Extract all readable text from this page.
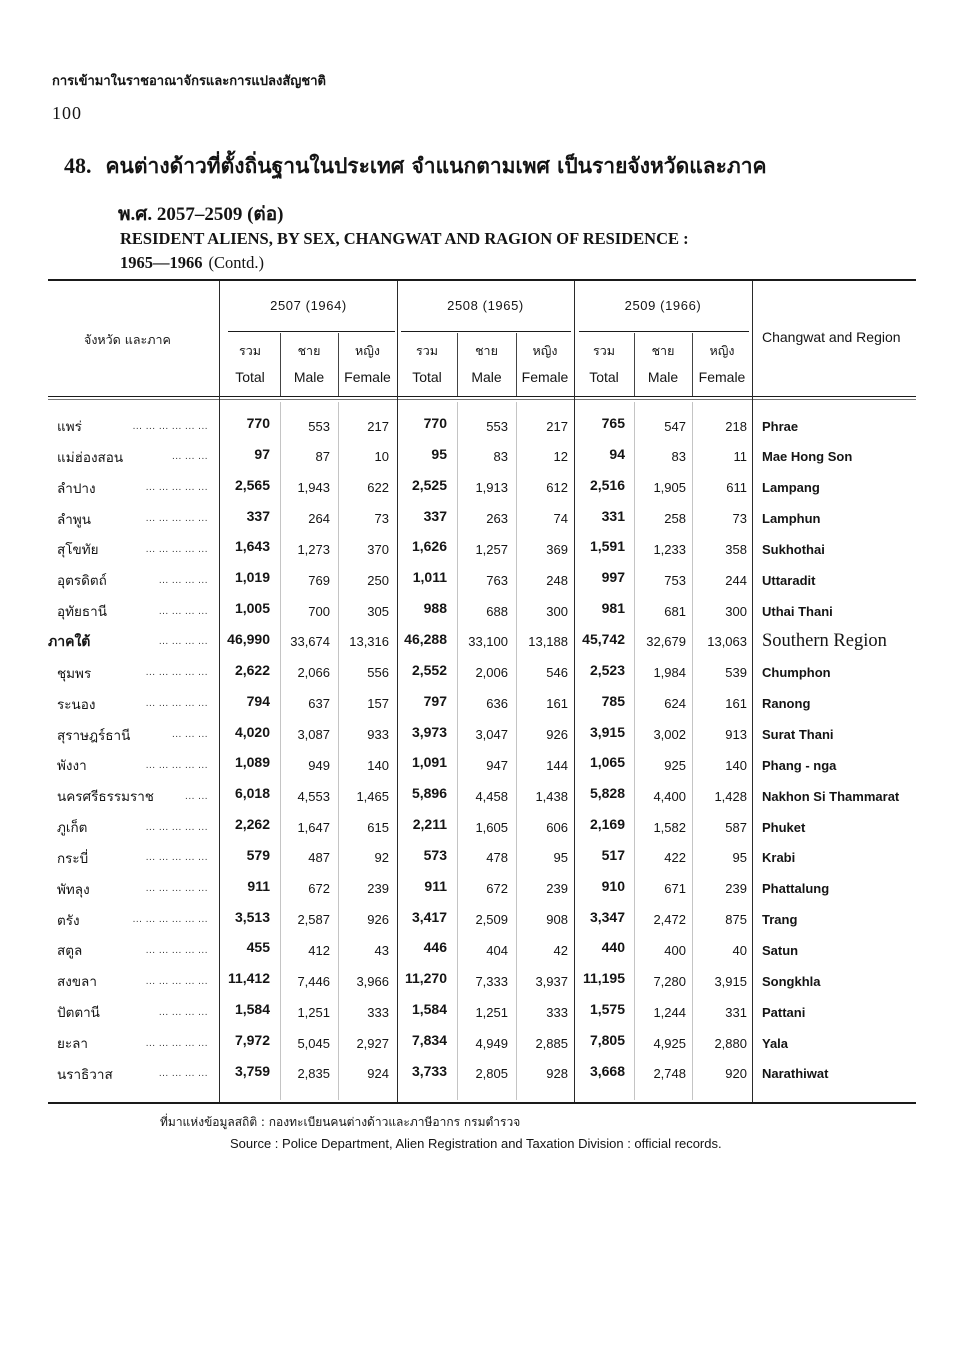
การเข้ามาในราชอาณาจักรและการแปลงสัญชาติ
100
48. คนต่างด้าวที่ตั้งถิ่นฐานในประเทศ จำแนกตามเพศ เป็นรายจังหวัดและภาค
พ.ศ. 2057–2509 (ต่อ)
RESIDENT ALIENS, BY SEX, CHANGWAT AND RAGION OF RESIDENCE :
1965—1966 (Contd.)
จังหวัด และภาค	Changwat and Region
2507 (1964)	2508 (1965)	2509 (1966)
รวม	ชาย	หญิง	รวม	ชาย	หญิง	รวม	ชาย	หญิง
Total	Male	Female	Total	Male	Female	Total	Male	Female
แพร่	... ... ... ... ... ...	770	553	217	770	553	217	765	547	218	Phrae
แม่ฮ่องสอน	... ... ...	97	87	10	95	83	12	94	83	11	Mae Hong Son
ลำปาง	... ... ... ... ...	2,565	1,943	622	2,525	1,913	612	2,516	1,905	611	Lampang
ลำพูน	... ... ... ... ...	337	264	73	337	263	74	331	258	73	Lamphun
สุโขทัย	... ... ... ... ...	1,643	1,273	370	1,626	1,257	369	1,591	1,233	358	Sukhothai
อุตรดิตถ์	... ... ... ...	1,019	769	250	1,011	763	248	997	753	244	Uttaradit
อุทัยธานี	... ... ... ...	1,005	700	305	988	688	300	981	681	300	Uthai Thani
ภาคใต้	... ... ... ...	46,990	33,674	13,316	46,288	33,100	13,188	45,742	32,679	13,063 Southern Region
ชุมพร	... ... ... ... ...	2,622	2,066	556	2,552	2,006	546	2,523	1,984	539	Chumphon
ระนอง	... ... ... ... ...	794	637	157	797	636	161	785	624	161	Ranong
สุราษฎร์ธานี	... ... ...	4,020	3,087	933	3,973	3,047	926	3,915	3,002	913	Surat Thani
พังงา	... ... ... ... ...	1,089	949	140	1,091	947	144	1,065	925	140	Phang - nga
นครศรีธรรมราช	... ...	6,018	4,553	1,465	5,896	4,458	1,438	5,828	4,400	1,428	Nakhon Si Thammarat
ภูเก็ต	... ... ... ... ...	2,262	1,647	615	2,211	1,605	606	2,169	1,582	587	Phuket
กระบี่	... ... ... ... ...	579	487	92	573	478	95	517	422	95	Krabi
พัทลุง	... ... ... ... ...	911	672	239	911	672	239	910	671	239	Phattalung
ตรัง	... ... ... ... ... ...	3,513	2,587	926	3,417	2,509	908	3,347	2,472	875	Trang
สตูล	... ... ... ... ...	455	412	43	446	404	42	440	400	40	Satun
สงขลา	... ... ... ... ...	11,412	7,446	3,966	11,270	7,333	3,937	11,195	7,280	3,915	Songkhla
ปัตตานี	... ... ... ...	1,584	1,251	333	1,584	1,251	333	1,575	1,244	331	Pattani
ยะลา	... ... ... ... ...	7,972	5,045	2,927	7,834	4,949	2,885	7,805	4,925	2,880	Yala
นราธิวาส	... ... ... ...	3,759	2,835	924	3,733	2,805	928	3,668	2,748	920	Narathiwat
ที่มาแห่งข้อมูลสถิติ : กองทะเบียนคนต่างด้าวและภาษีอากร กรมตำรวจ
Source : Police Department, Alien Registration and Taxation Division : official records.
